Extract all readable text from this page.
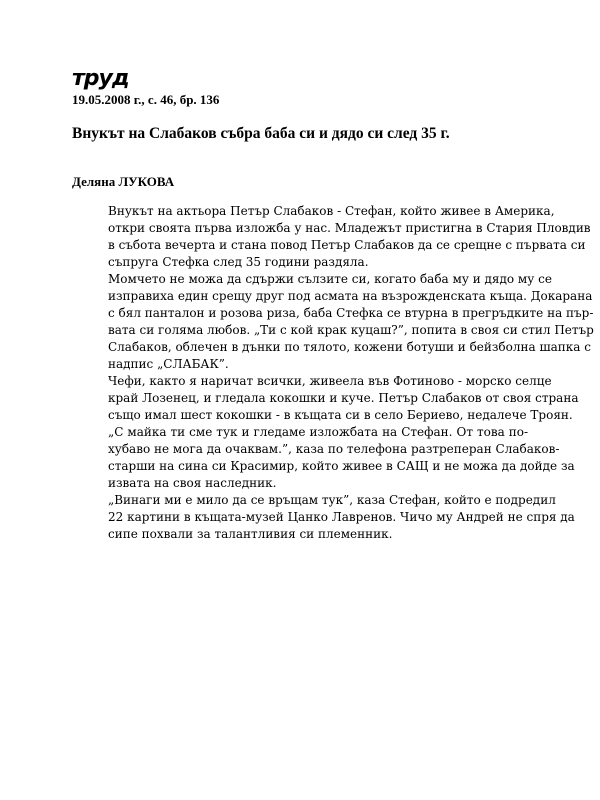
труд
19.05.2008 г., с. 46, бр. 136
Внукът на Слабаков събра баба си и дядо си след 35 г.
Деляна ЛУКОВА

Внукът на актьора Петър Слабаков - Стефан, който живее в Америка,
откри своята първа изложба у нас. Младежът пристигна в Стария Пловдив
в събота вечерта и стана повод Петър Слабаков да се срещне с първата си
съпруга Стефка след 35 години раздяла.

Момчето не можа да сдържи сълзите си, когато баба му и дядо му се
изправиха един срещу друг под асмата на възрожденската къща. Докарана
с бял панталон и розова риза, баба Стефка се втурна в прегръдките на пър-
вата си голяма любов. „Ти с кой крак куцаш?”, попита в своя си стил Петър
Слабаков, облечен в дънки по тялото, кожени ботуши и бейзболна шапка с
надпис „СЛАБАК”.

Чефи, както я наричат всички, живеела във Фотиново - морско селце
край Лозенец, и гледала кокошки и куче. Петър Слабаков от своя страна
също имал шест кокошки - в къщата си в село Бериево, недалече Троян.

„С майка ти сме тук и гледаме изложбата на Стефан. От това по-
хубаво не мога да очаквам.”, каза по телефона разтреперан Слабаков-
старши на сина си Красимир, който живее в САЩ и не можа да дойде за
извата на своя наследник.

„Винаги ми е мило да се връщам тук”, каза Стефан, който е подредил
22 картини в къщата-музей Цанко Лавренов. Чичо му Андрей не спря да
сипе похвали за талантливия си племенник.
